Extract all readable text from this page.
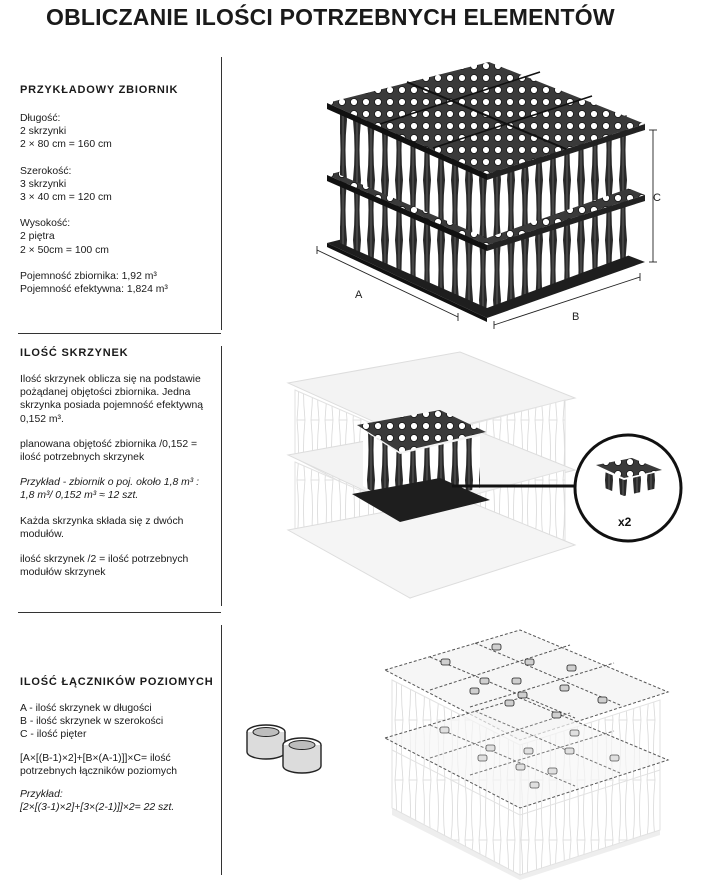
OBLICZANIE ILOŚCI POTRZEBNYCH ELEMENTÓW
PRZYKŁADOWY ZBIORNIK

Długość:

2 skrzynki

2 × 80 cm = 160 cm

Szerokość:

3 skrzynki

3 × 40 cm = 120 cm

Wysokość:

2 piętra

2 × 50cm = 100 cm

Pojemność zbiornika: 1,92 m³

Pojemność efektywna: 1,824 m³

ILOŚĆ SKRZYNEK

Ilość skrzynek oblicza się na podstawie pożądanej objętości zbiornika. Jedna skrzynka posiada pojemność efektywną 0,152 m³.

planowana objętość zbiornika /0,152 = ilość potrzebnych skrzynek

Przykład - zbiornik o poj. około 1,8 m³ : 1,8 m³/ 0,152 m³ ≈ 12 szt.

Każda skrzynka składa się z dwóch modułów.

ilość skrzynek /2 = ilość potrzebnych modułów skrzynek

ILOŚĆ ŁĄCZNIKÓW POZIOMYCH

A - ilość skrzynek w długości

B - ilość skrzynek w szerokości

C - ilość pięter

[A×[(B-1)×2]+[B×(A-1)]]×C= ilość potrzebnych łączników poziomych

Przykład:

[2×[(3-1)×2]+[3×(2-1)]]×2= 22 szt.

A
B
C
x2
